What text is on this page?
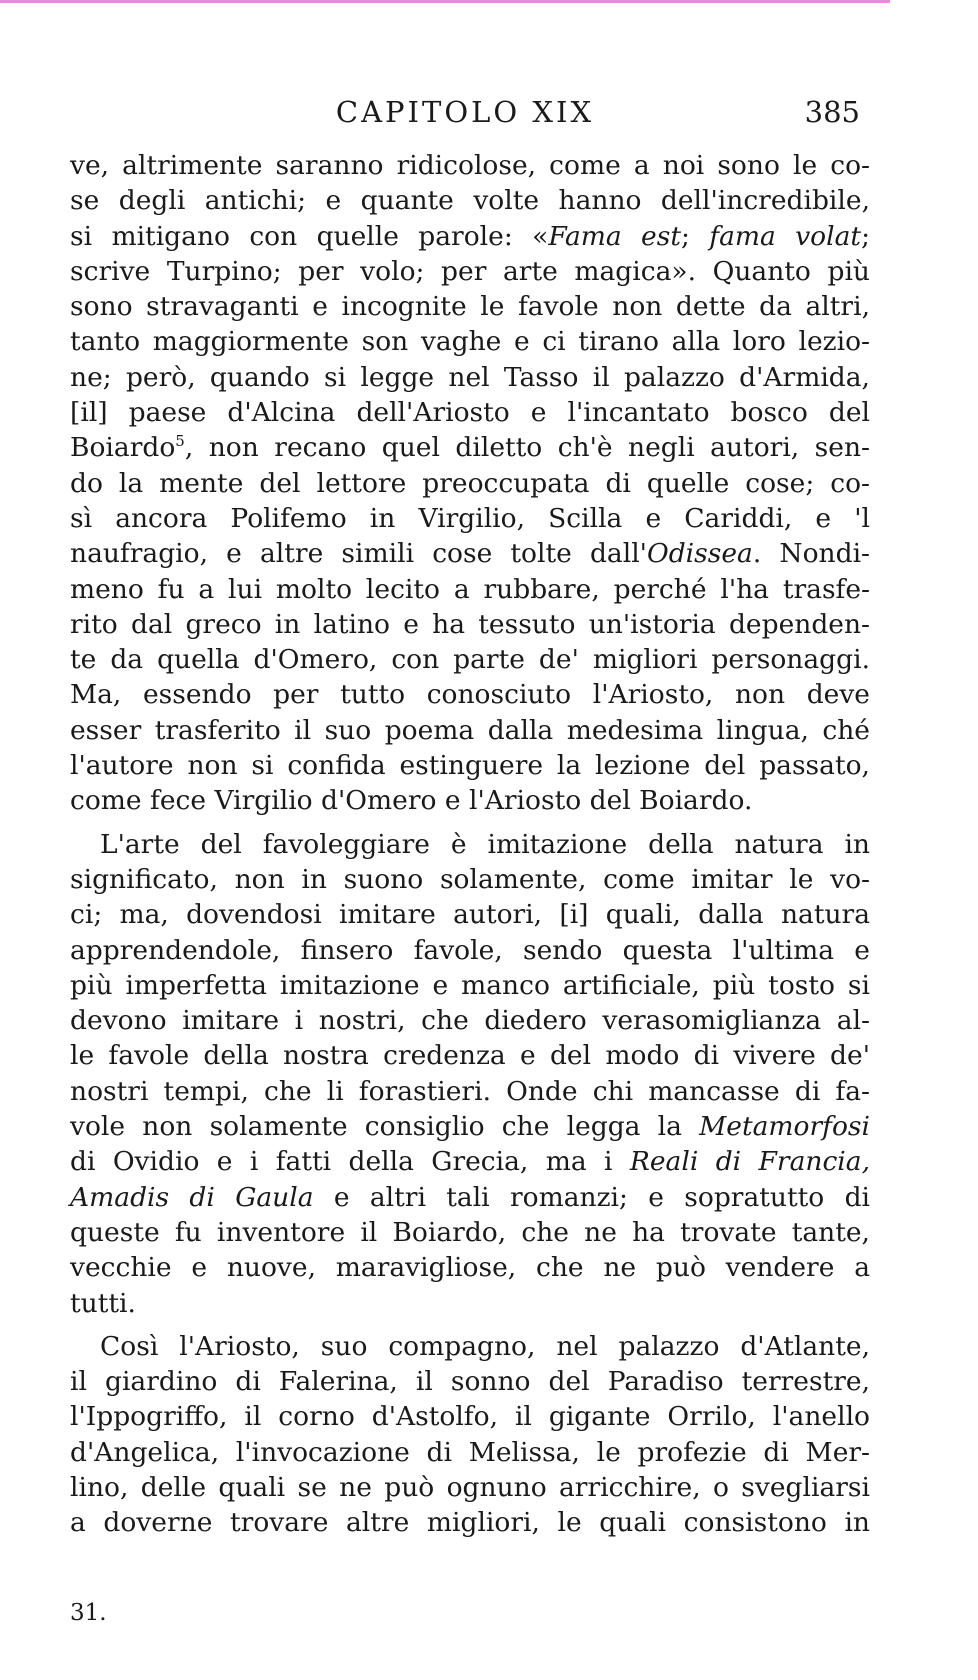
CAPITOLO XIX	385
ve, altrimente saranno ridicolose, come a noi sono le co-
se degli antichi; e quante volte hanno dell'incredibile,
si mitigano con quelle parole: «Fama est; fama volat;
scrive Turpino; per volo; per arte magica». Quanto più
sono stravaganti e incognite le favole non dette da altri,
tanto maggiormente son vaghe e ci tirano alla loro lezio-
ne; però, quando si legge nel Tasso il palazzo d'Armida,
[il] paese d'Alcina dell'Ariosto e l'incantato bosco del
Boiardo$^5$, non recano quel diletto ch'è negli autori, sen-
do la mente del lettore preoccupata di quelle cose; co-
sì ancora Polifemo in Virgilio, Scilla e Cariddi, e 'l
naufragio, e altre simili cose tolte dall'Odissea. Nondi-
meno fu a lui molto lecito a rubbare, perché l'ha trasfe-
rito dal greco in latino e ha tessuto un'istoria dependen-
te da quella d'Omero, con parte de' migliori personaggi.
Ma, essendo per tutto conosciuto l'Ariosto, non deve
esser trasferito il suo poema dalla medesima lingua, ché
l'autore non si confida estinguere la lezione del passato,
come fece Virgilio d'Omero e l'Ariosto del Boiardo.
L'arte del favoleggiare è imitazione della natura in
significato, non in suono solamente, come imitar le vo-
ci; ma, dovendosi imitare autori, [i] quali, dalla natura
apprendendole, finsero favole, sendo questa l'ultima e
più imperfetta imitazione e manco artificiale, più tosto si
devono imitare i nostri, che diedero verasomiglianza al-
le favole della nostra credenza e del modo di vivere de'
nostri tempi, che li forastieri. Onde chi mancasse di fa-
vole non solamente consiglio che legga la Metamorfosi
di Ovidio e i fatti della Grecia, ma i Reali di Francia,
Amadis di Gaula e altri tali romanzi; e sopratutto di
queste fu inventore il Boiardo, che ne ha trovate tante,
vecchie e nuove, maravigliose, che ne può vendere a
tutti.
Così l'Ariosto, suo compagno, nel palazzo d'Atlante,
il giardino di Falerina, il sonno del Paradiso terrestre,
l'Ippogriffo, il corno d'Astolfo, il gigante Orrilo, l'anello
d'Angelica, l'invocazione di Melissa, le profezie di Mer-
lino, delle quali se ne può ognuno arricchire, o svegliarsi
a doverne trovare altre migliori, le quali consistono in
31.
